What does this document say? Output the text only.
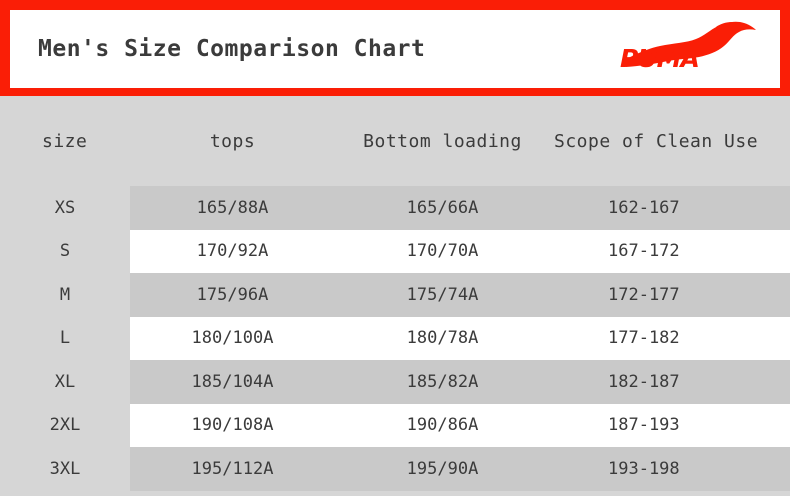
Men's Size Comparison Chart	PUMA
size	tops	Bottom loading	Scope of Clean Use
XS	165/88A	165/66A	162-167
S	170/92A	170/70A	167-172
M	175/96A	175/74A	172-177
L	180/100A	180/78A	177-182
XL	185/104A	185/82A	182-187
2XL	190/108A	190/86A	187-193
3XL	195/112A	195/90A	193-198
